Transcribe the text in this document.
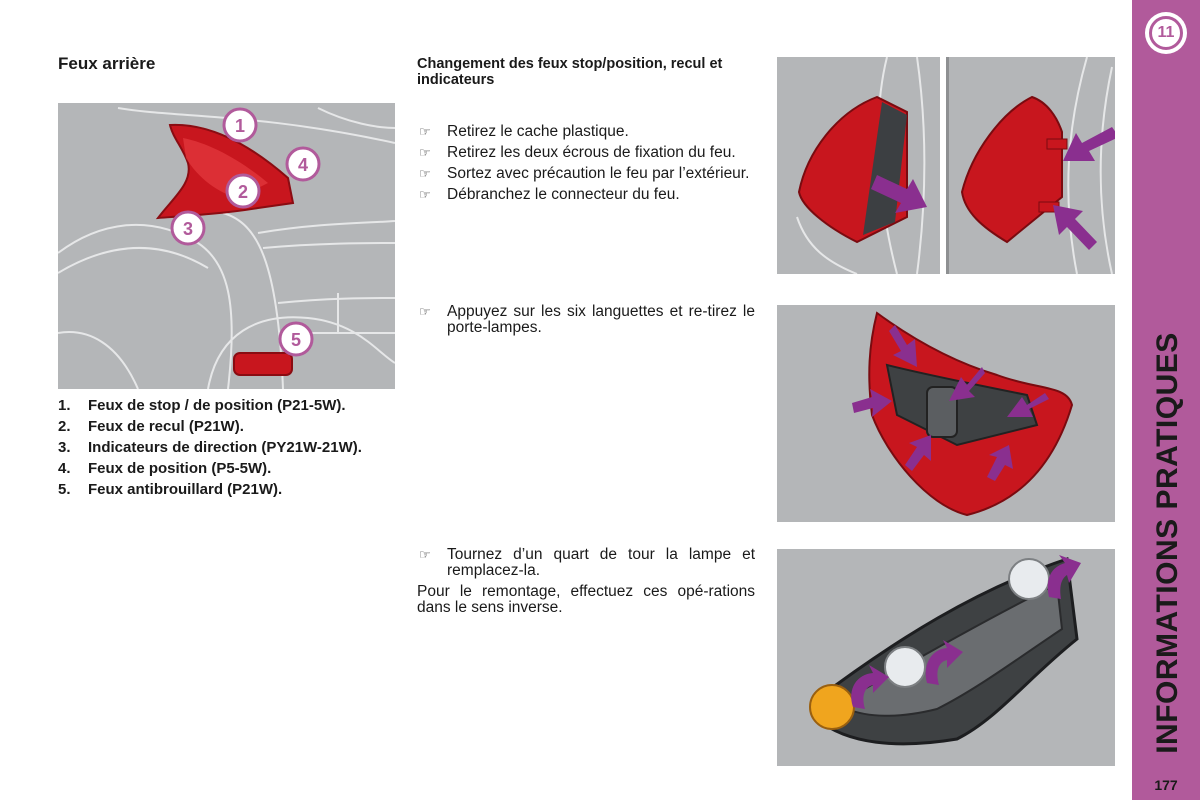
11
INFORMATIONS PRATIQUES
177
Feux arrière
1
2
3
4
5
1.	Feux de stop / de position (P21-5W).
2.	Feux de recul (P21W).
3.	Indicateurs de direction (PY21W-21W).
4.	Feux de position (P5-5W).
5.	Feux antibrouillard (P21W).
Changement des feux stop/position, recul et indicateurs
☞	Retirez le cache plastique.
☞	Retirez les deux écrous de fixation du feu.
☞	Sortez avec précaution le feu par l’extérieur.
☞	Débranchez le connecteur du feu.
☞	Appuyez sur les six languettes et re-tirez le porte-lampes.
☞	Tournez d’un quart de tour la lampe et remplacez-la.
Pour le remontage, effectuez ces opé-rations dans le sens inverse.
